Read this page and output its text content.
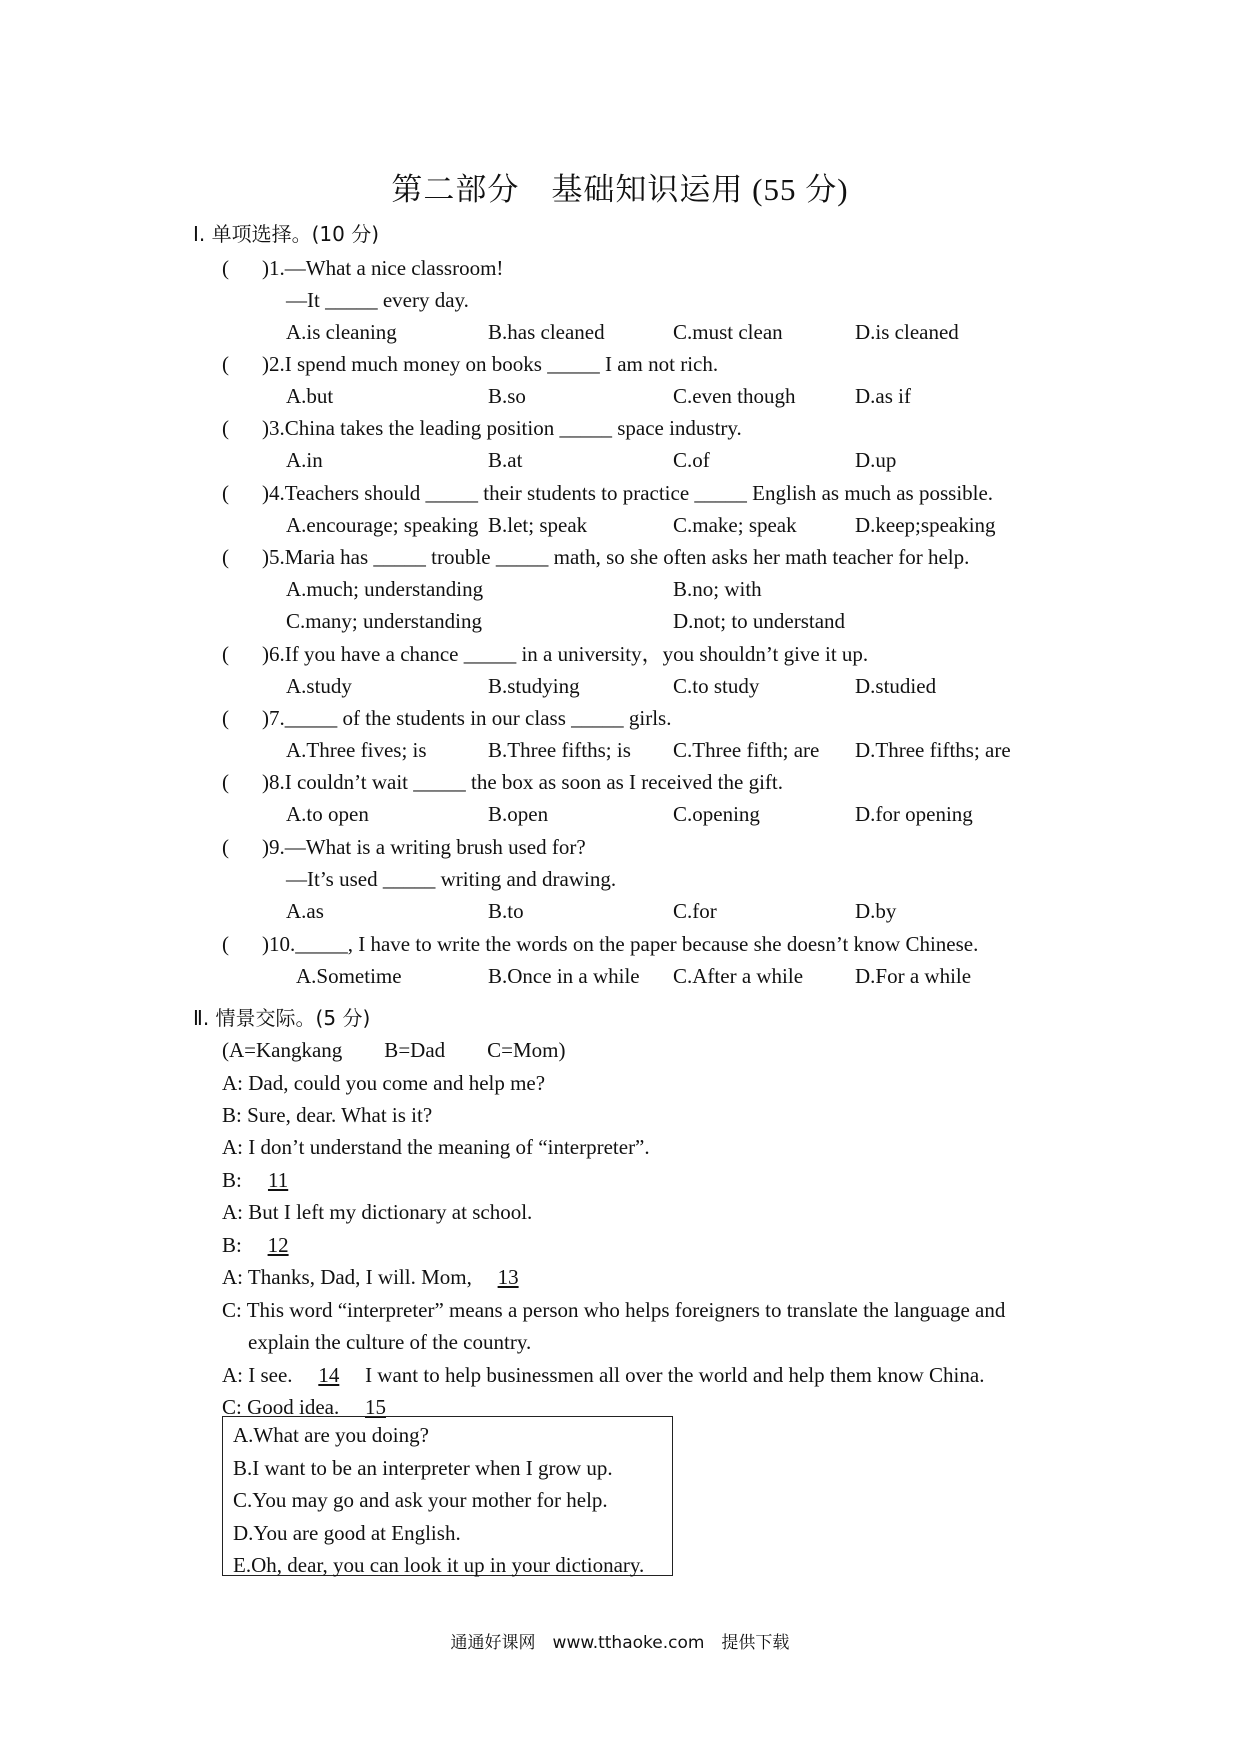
第二部分　基础知识运用 (55 分)
Ⅰ. 单项选择。(10 分)
( )1.—What a nice classroom!
—It _____ every day.
A.is cleaning	B.has cleaned	C.must clean	D.is cleaned
( )2.I spend much money on books _____ I am not rich.
A.but	B.so	C.even though	D.as if
( )3.China takes the leading position _____ space industry.
A.in	B.at	C.of	D.up
( )4.Teachers should _____ their students to practice _____ English as much as possible.
A.encourage; speaking B.let; speak	C.make; speak	D.keep;speaking
( )5.Maria has _____ trouble _____ math, so she often asks her math teacher for help.
A.much; understanding	B.no; with
C.many; understanding	D.not; to understand
( )6.If you have a chance _____ in a university，you shouldn’t give it up.
A.study	B.studying	C.to study	D.studied
( )7._____ of the students in our class _____ girls.
A.Three fives; is	B.Three fifths; is C.Three fifth; are D.Three fifths; are
( )8.I couldn’t wait _____ the box as soon as I received the gift.
A.to open	B.open	C.opening	D.for opening
( )9.—What is a writing brush used for?
—It’s used _____ writing and drawing.
A.as	B.to	C.for	D.by
( )10._____, I have to write the words on the paper because she doesn’t know Chinese.
A.Sometime	B.Once in a while C.After a while D.For a while
Ⅱ. 情景交际。(5 分)
(A=Kangkang　　B=Dad　　C=Mom)
A: Dad, could you come and help me?
B: Sure, dear. What is it?
A: I don’t understand the meaning of “interpreter”.
B: 11
A: But I left my dictionary at school.
B: 12
A: Thanks, Dad, I will. Mom, 13
C: This word “interpreter” means a person who helps foreigners to translate the language and
explain the culture of the country.
A: I see. 14 I want to help businessmen all over the world and help them know China.
C: Good idea. 15
A.What are you doing?
B.I want to be an interpreter when I grow up.
C.You may go and ask your mother for help.
D.You are good at English.
E.Oh, dear, you can look it up in your dictionary.
通通好课网　www.tthaoke.com　提供下载
